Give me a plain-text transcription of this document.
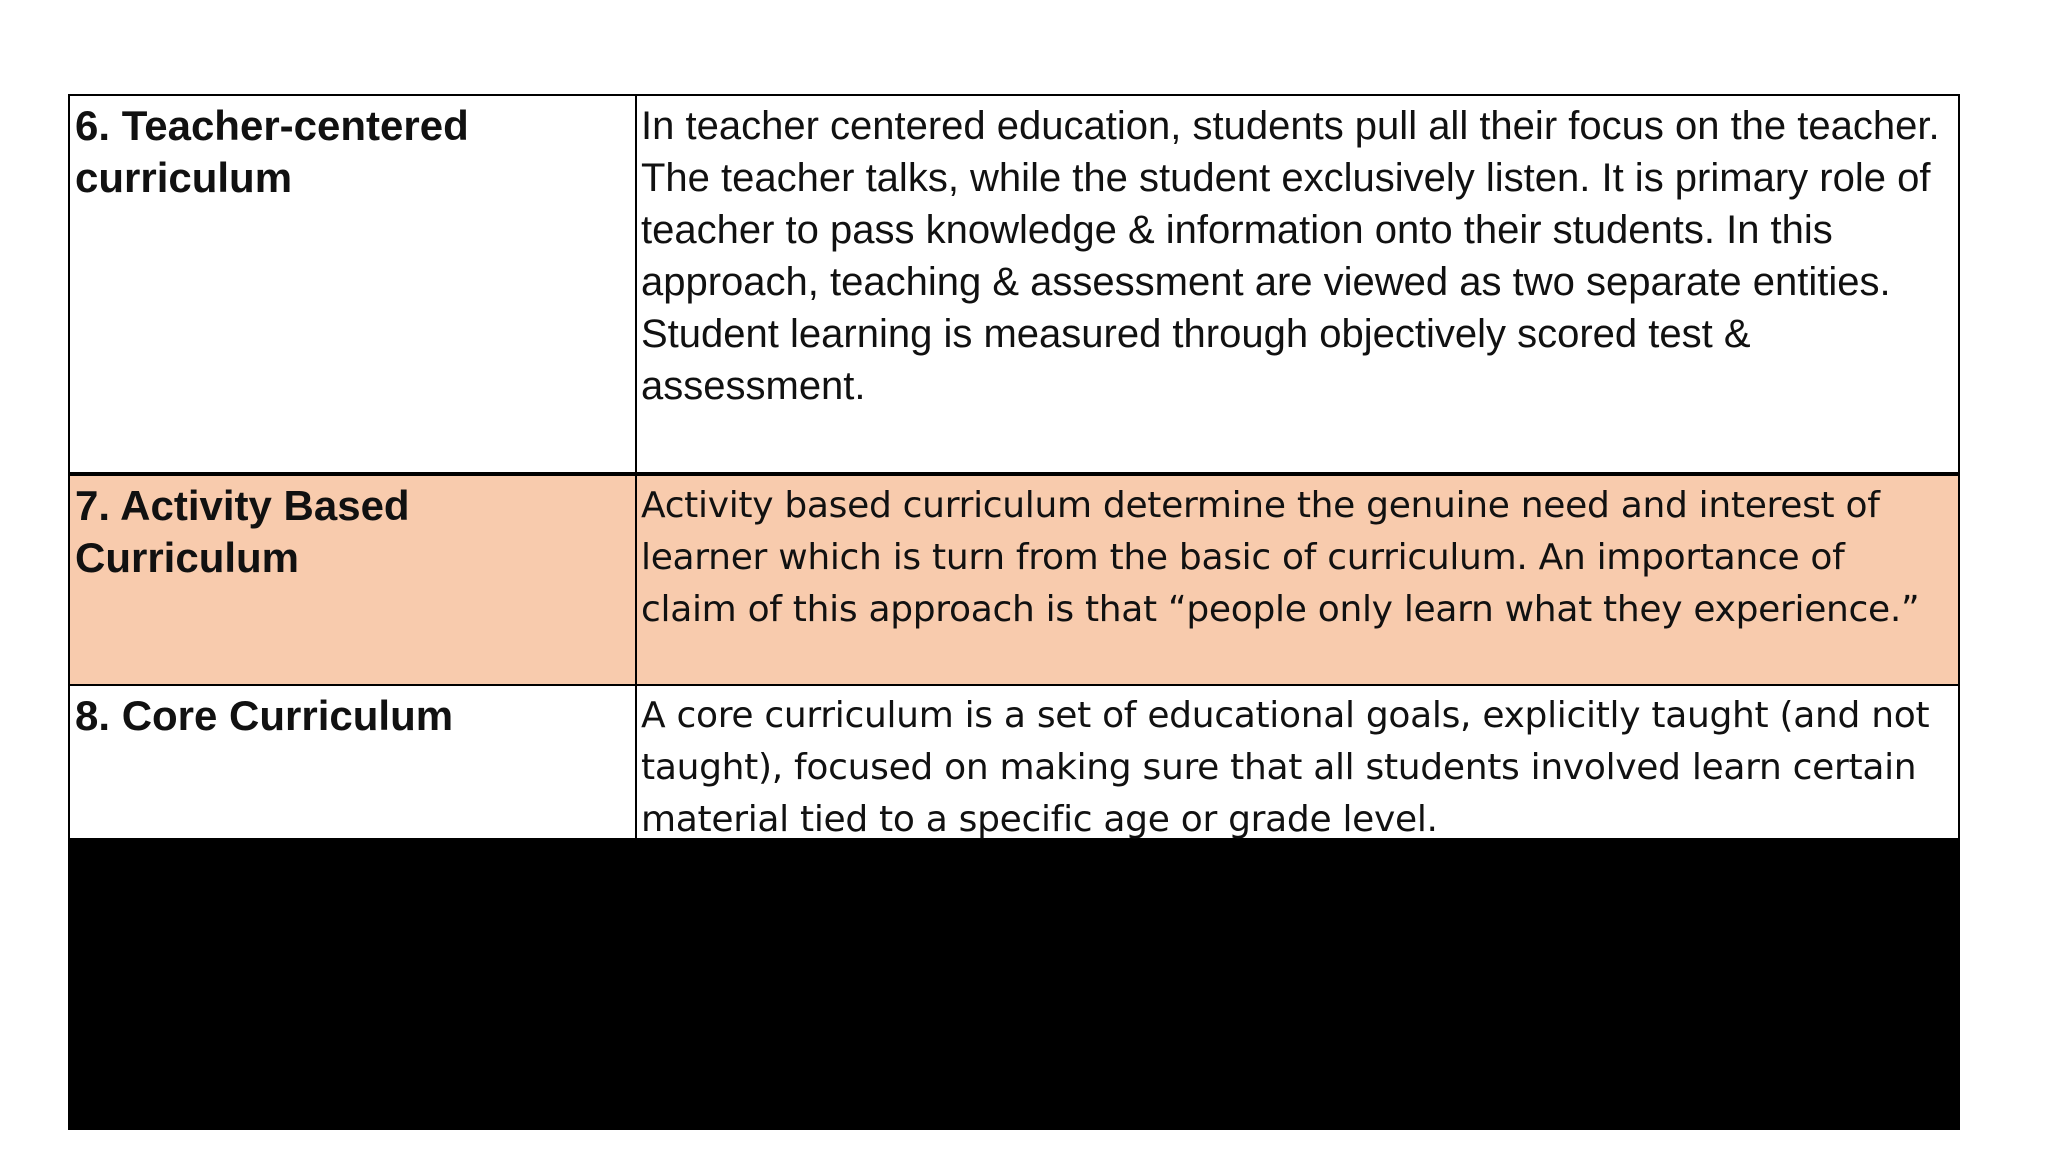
6. Teacher-centered curriculum
In teacher centered education, students pull all their focus on the teacher. The teacher talks, while the student exclusively listen. It is primary role of teacher to pass knowledge & information onto their students. In this approach, teaching & assessment are viewed as two separate entities. Student learning is measured through objectively scored test & assessment.
7. Activity Based Curriculum
Activity based curriculum determine the genuine need and interest of learner which is turn from the basic of curriculum. An importance of claim of this approach is that “people only learn what they experience.”
8. Core Curriculum	A core curriculum is a set of educational goals, explicitly taught (and not taught), focused on making sure that all students involved learn certain material tied to a specific age or grade level.
